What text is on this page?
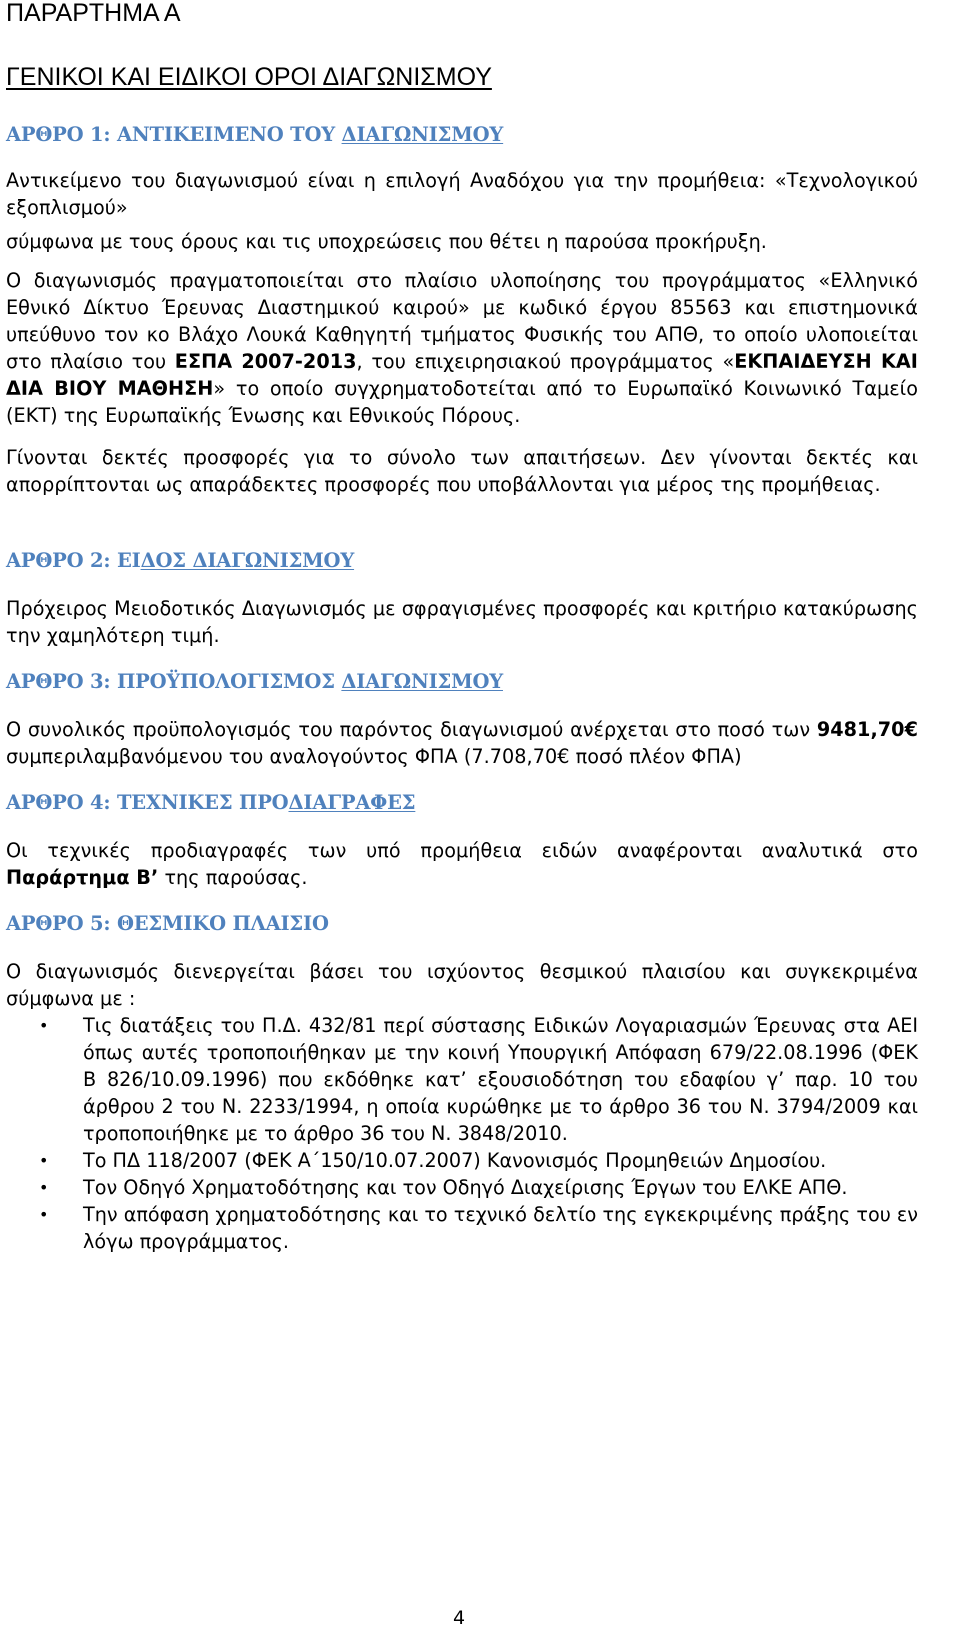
ΠΑΡΑΡΤΗΜΑ Α
ΓΕΝΙΚΟΙ ΚΑΙ ΕΙΔΙΚΟΙ ΟΡΟΙ ΔΙΑΓΩΝΙΣΜΟΥ
ΑΡΘΡΟ 1: ΑΝΤΙΚΕΙΜΕΝΟ ΤΟΥ ΔΙΑΓΩΝΙΣΜΟΥ

Αντικείμενο του διαγωνισμού είναι η επιλογή Αναδόχου για την προμήθεια: «Τεχνολογικού εξοπλισμού»

σύμφωνα με τους όρους και τις υποχρεώσεις που θέτει η παρούσα προκήρυξη.

Ο διαγωνισμός πραγματοποιείται στο πλαίσιο υλοποίησης του προγράμματος «Ελληνικό Εθνικό Δίκτυο Έρευνας Διαστημικού καιρού» με κωδικό έργου 85563 και επιστημονικά υπεύθυνο τον κο Βλάχο Λουκά Καθηγητή τμήματος Φυσικής του ΑΠΘ, το οποίο υλοποιείται στο πλαίσιο του ΕΣΠΑ 2007-2013, του επιχειρησιακού προγράμματος «ΕΚΠΑΙΔΕΥΣΗ ΚΑΙ ΔΙΑ ΒΙΟΥ ΜΑΘΗΣΗ» το οποίο συγχρηματοδοτείται από το Ευρωπαϊκό Κοινωνικό Ταμείο (ΕΚΤ) της Ευρωπαϊκής Ένωσης και Εθνικούς Πόρους.

Γίνονται δεκτές προσφορές για το σύνολο των απαιτήσεων. Δεν γίνονται δεκτές και απορρίπτονται ως απαράδεκτες προσφορές που υποβάλλονται για μέρος της προμήθειας.

ΑΡΘΡΟ 2: ΕΙΔΟΣ ΔΙΑΓΩΝΙΣΜΟΥ

Πρόχειρος Μειοδοτικός Διαγωνισμός με σφραγισμένες προσφορές και κριτήριο κατακύρωσης την χαμηλότερη τιμή.

ΑΡΘΡΟ 3: ΠΡΟΫΠΟΛΟΓΙΣΜΟΣ ΔΙΑΓΩΝΙΣΜΟΥ

Ο συνολικός προϋπολογισμός του παρόντος διαγωνισμού ανέρχεται στο ποσό των 9481,70€ συμπεριλαμβανόμενου του αναλογούντος ΦΠΑ (7.708,70€ ποσό πλέον ΦΠΑ)

ΑΡΘΡΟ 4: ΤΕΧΝΙΚΕΣ ΠΡΟΔΙΑΓΡΑΦΕΣ

Οι τεχνικές προδιαγραφές των υπό προμήθεια ειδών αναφέρονται αναλυτικά στο Παράρτημα Β’ της παρούσας.

ΑΡΘΡΟ 5: ΘΕΣΜΙΚΟ ΠΛΑΙΣΙΟ

Ο διαγωνισμός διενεργείται βάσει του ισχύοντος θεσμικού πλαισίου και συγκεκριμένα σύμφωνα με :

• Τις διατάξεις του Π.Δ. 432/81 περί σύστασης Ειδικών Λογαριασμών Έρευνας στα ΑΕΙ όπως αυτές τροποποιήθηκαν με την κοινή Υπουργική Απόφαση 679/22.08.1996 (ΦΕΚ Β 826/10.09.1996) που εκδόθηκε κατ’ εξουσιοδότηση του εδαφίου γ’ παρ. 10 του άρθρου 2 του Ν. 2233/1994, η οποία κυρώθηκε με το άρθρο 36 του Ν. 3794/2009 και τροποποιήθηκε με το άρθρο 36 του Ν. 3848/2010.
• Το ΠΔ 118/2007 (ΦΕΚ Α΄150/10.07.2007) Κανονισμός Προμηθειών Δημοσίου.
• Τον Οδηγό Χρηματοδότησης και τον Οδηγό Διαχείρισης Έργων του ΕΛΚΕ ΑΠΘ.
• Την απόφαση χρηματοδότησης και το τεχνικό δελτίο της εγκεκριμένης πράξης του εν λόγω προγράμματος.
4
